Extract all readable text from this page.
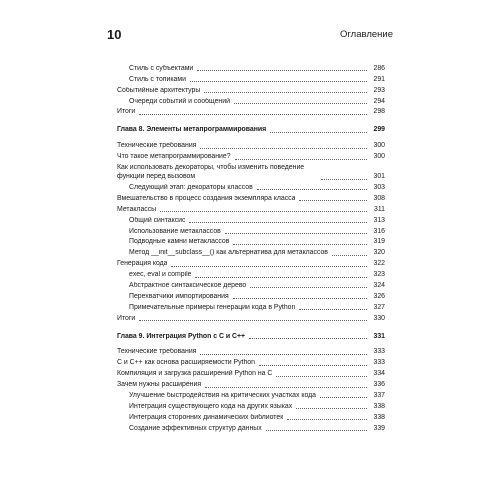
10	Оглавление
Стиль с субъектами	286
Стиль с топиками	291
Событийные архитектуры	293
Очереди событий и сообщений	294
Итоги	298
Глава 8. Элементы метапрограммирования	299
Технические требования	300
Что такое метапрограммирование?	300
Как использовать декораторы, чтобы изменить поведение функции перед вызовом	301
Следующий этап: декораторы классов	303
Вмешательство в процесс создания экземпляра класса	308
Метаклассы	311
Общий синтаксис	313
Использование метаклассов	316
Подводные камни метаклассов	319
Метод __init__subclass__() как альтернатива для метаклассов	320
Генерация кода	322
exec, eval и compile	323
Абстрактное синтаксическое дерево	324
Перехватчики импортирования	326
Примечательные примеры генерации кода в Python	327
Итоги	330
Глава 9. Интеграция Python с С и С++	331
Технические требования	333
С и С++ как основа расширяемости Python	333
Компиляция и загрузка расширений Python на С	334
Зачем нужны расширения	336
Улучшение быстродействия на критических участках кода	337
Интеграция существующего кода на других языках	338
Интеграция сторонних динамических библиотек	338
Создание эффективных структур данных	339
